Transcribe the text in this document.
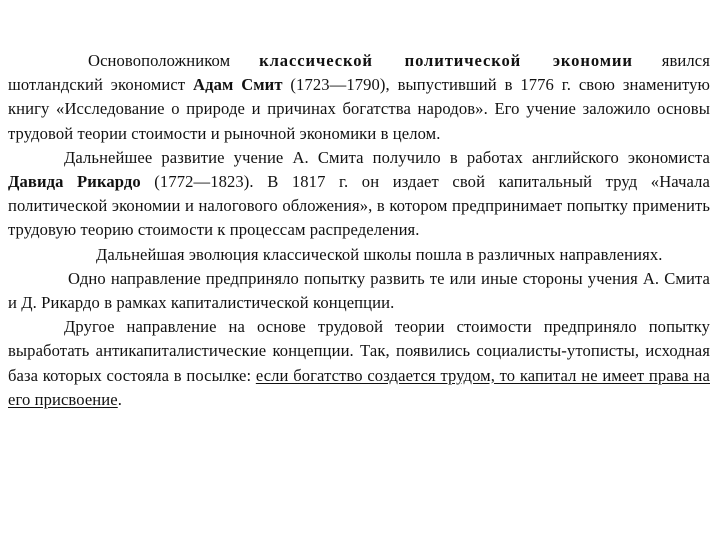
Основоположником классической политической экономии явился шотландский экономист Адам Смит (1723—1790), выпустивший в 1776 г. свою знаменитую книгу «Исследование о природе и причинах богатства народов». Его учение заложило основы трудовой теории стоимости и рыночной экономики в целом.

Дальнейшее развитие учение А. Смита получило в работах английского экономиста Давида Рикардо (1772—1823). В 1817 г. он издает свой капитальный труд «Начала политической экономии и налогового обложения», в котором предпринимает попытку применить трудовую теорию стоимости к процессам распределения.

Дальнейшая эволюция классической школы пошла в различных направлениях.

Одно направление предприняло попытку развить те или иные стороны учения А. Смита и Д. Рикардо в рамках капиталистической концепции.

Другое направление на основе трудовой теории стоимости предприняло попытку выработать антикапиталистические концепции. Так, появились социалисты-утописты, исходная база которых состояла в посылке: если богатство создается трудом, то капитал не имеет права на его присвоение.
